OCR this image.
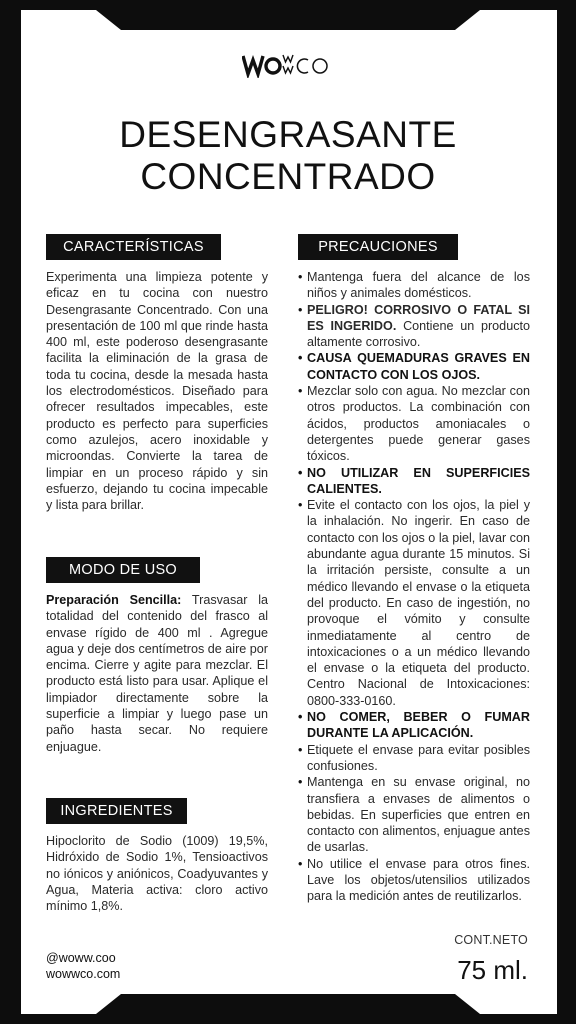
DESENGRASANTE
CONCENTRADO
CARACTERÍSTICAS

Experimenta una limpieza potente y eficaz en tu cocina con nuestro Desengrasante Concentrado. Con una presentación de 100 ml que rinde hasta 400 ml, este poderoso desengrasante facilita la eliminación de la grasa de toda tu cocina, desde la mesada hasta los electrodomésticos. Diseñado para ofrecer resultados impecables, este producto es perfecto para superficies como azulejos, acero inoxidable y microondas. Convierte la tarea de limpiar en un proceso rápido y sin esfuerzo, dejando tu cocina impecable y lista para brillar.

MODO DE USO

Preparación Sencilla: Trasvasar la totalidad del contenido del frasco al envase rígido de 400 ml . Agregue agua y deje dos centímetros de aire por encima. Cierre y agite para mezclar. El producto está listo para usar. Aplique el limpiador directamente sobre la superficie a limpiar y luego pase un paño hasta secar. No requiere enjuague.

INGREDIENTES

Hipoclorito de Sodio (1009) 19,5%, Hidróxido de Sodio 1%, Tensioactivos no iónicos y aniónicos, Coadyuvantes y Agua, Materia activa: cloro activo mínimo 1,8%.

PRECAUCIONES
• Mantenga fuera del alcance de los niños y animales domésticos.
• PELIGRO! CORROSIVO O FATAL SI ES INGERIDO. Contiene un producto altamente corrosivo.
• CAUSA QUEMADURAS GRAVES EN CONTACTO CON LOS OJOS.
• Mezclar solo con agua. No mezclar con otros productos. La combinación con ácidos, productos amoniacales o detergentes puede generar gases tóxicos.
• NO UTILIZAR EN SUPERFICIES CALIENTES.
• Evite el contacto con los ojos, la piel y la inhalación. No ingerir. En caso de contacto con los ojos o la piel, lavar con abundante agua durante 15 minutos. Si la irritación persiste, consulte a un médico llevando el envase o la etiqueta del producto. En caso de ingestión, no provoque el vómito y consulte inmediatamente al centro de intoxicaciones o a un médico llevando el envase o la etiqueta del producto. Centro Nacional de Intoxicaciones: 0800-333-0160.
• NO COMER, BEBER O FUMAR DURANTE LA APLICACIÓN.
• Etiquete el envase para evitar posibles confusiones.
• Mantenga en su envase original, no transfiera a envases de alimentos o bebidas. En superficies que entren en contacto con alimentos, enjuague antes de usarlas.
• No utilice el envase para otros fines. Lave los objetos/utensilios utilizados para la medición antes de reutilizarlos.
@woww.coo
wowwco.com
CONT.NETO
75 ml.
